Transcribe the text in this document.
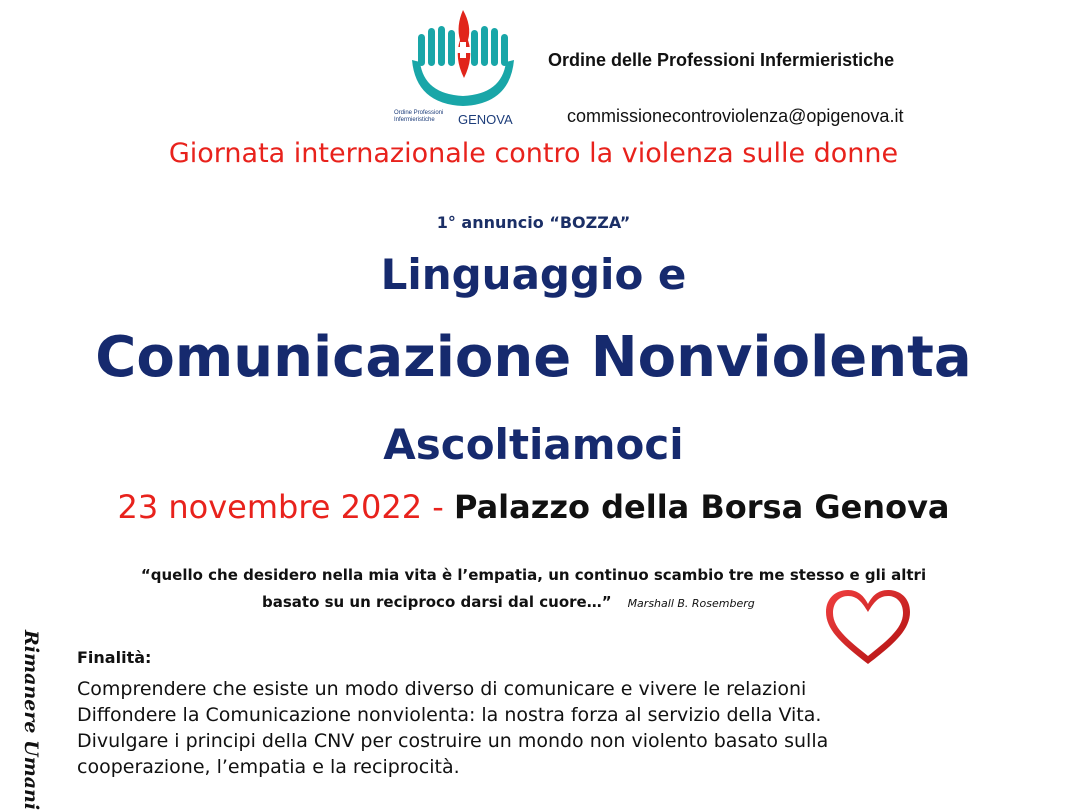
Ordine Professioni
Infermieristiche	GENOVA
Ordine delle Professioni Infermieristiche
commissionecontroviolenza@opigenova.it
Giornata internazionale contro la violenza sulle donne
1° annuncio “BOZZA”
Linguaggio e
Comunicazione Nonviolenta
Ascoltiamoci
23 novembre 2022 - Palazzo della Borsa Genova
“quello che desidero nella mia vita è l’empatia, un continuo scambio tre me stesso e gli altri
basato su un reciproco darsi dal cuore…” Marshall B. Rosemberg
Rimanere Umani Finalità:
Comprendere che esiste un modo diverso di comunicare e vivere le relazioni
Diffondere la Comunicazione nonviolenta: la nostra forza al servizio della Vita.
Divulgare i principi della CNV per costruire un mondo non violento basato sulla
cooperazione, l’empatia e la reciprocità.
